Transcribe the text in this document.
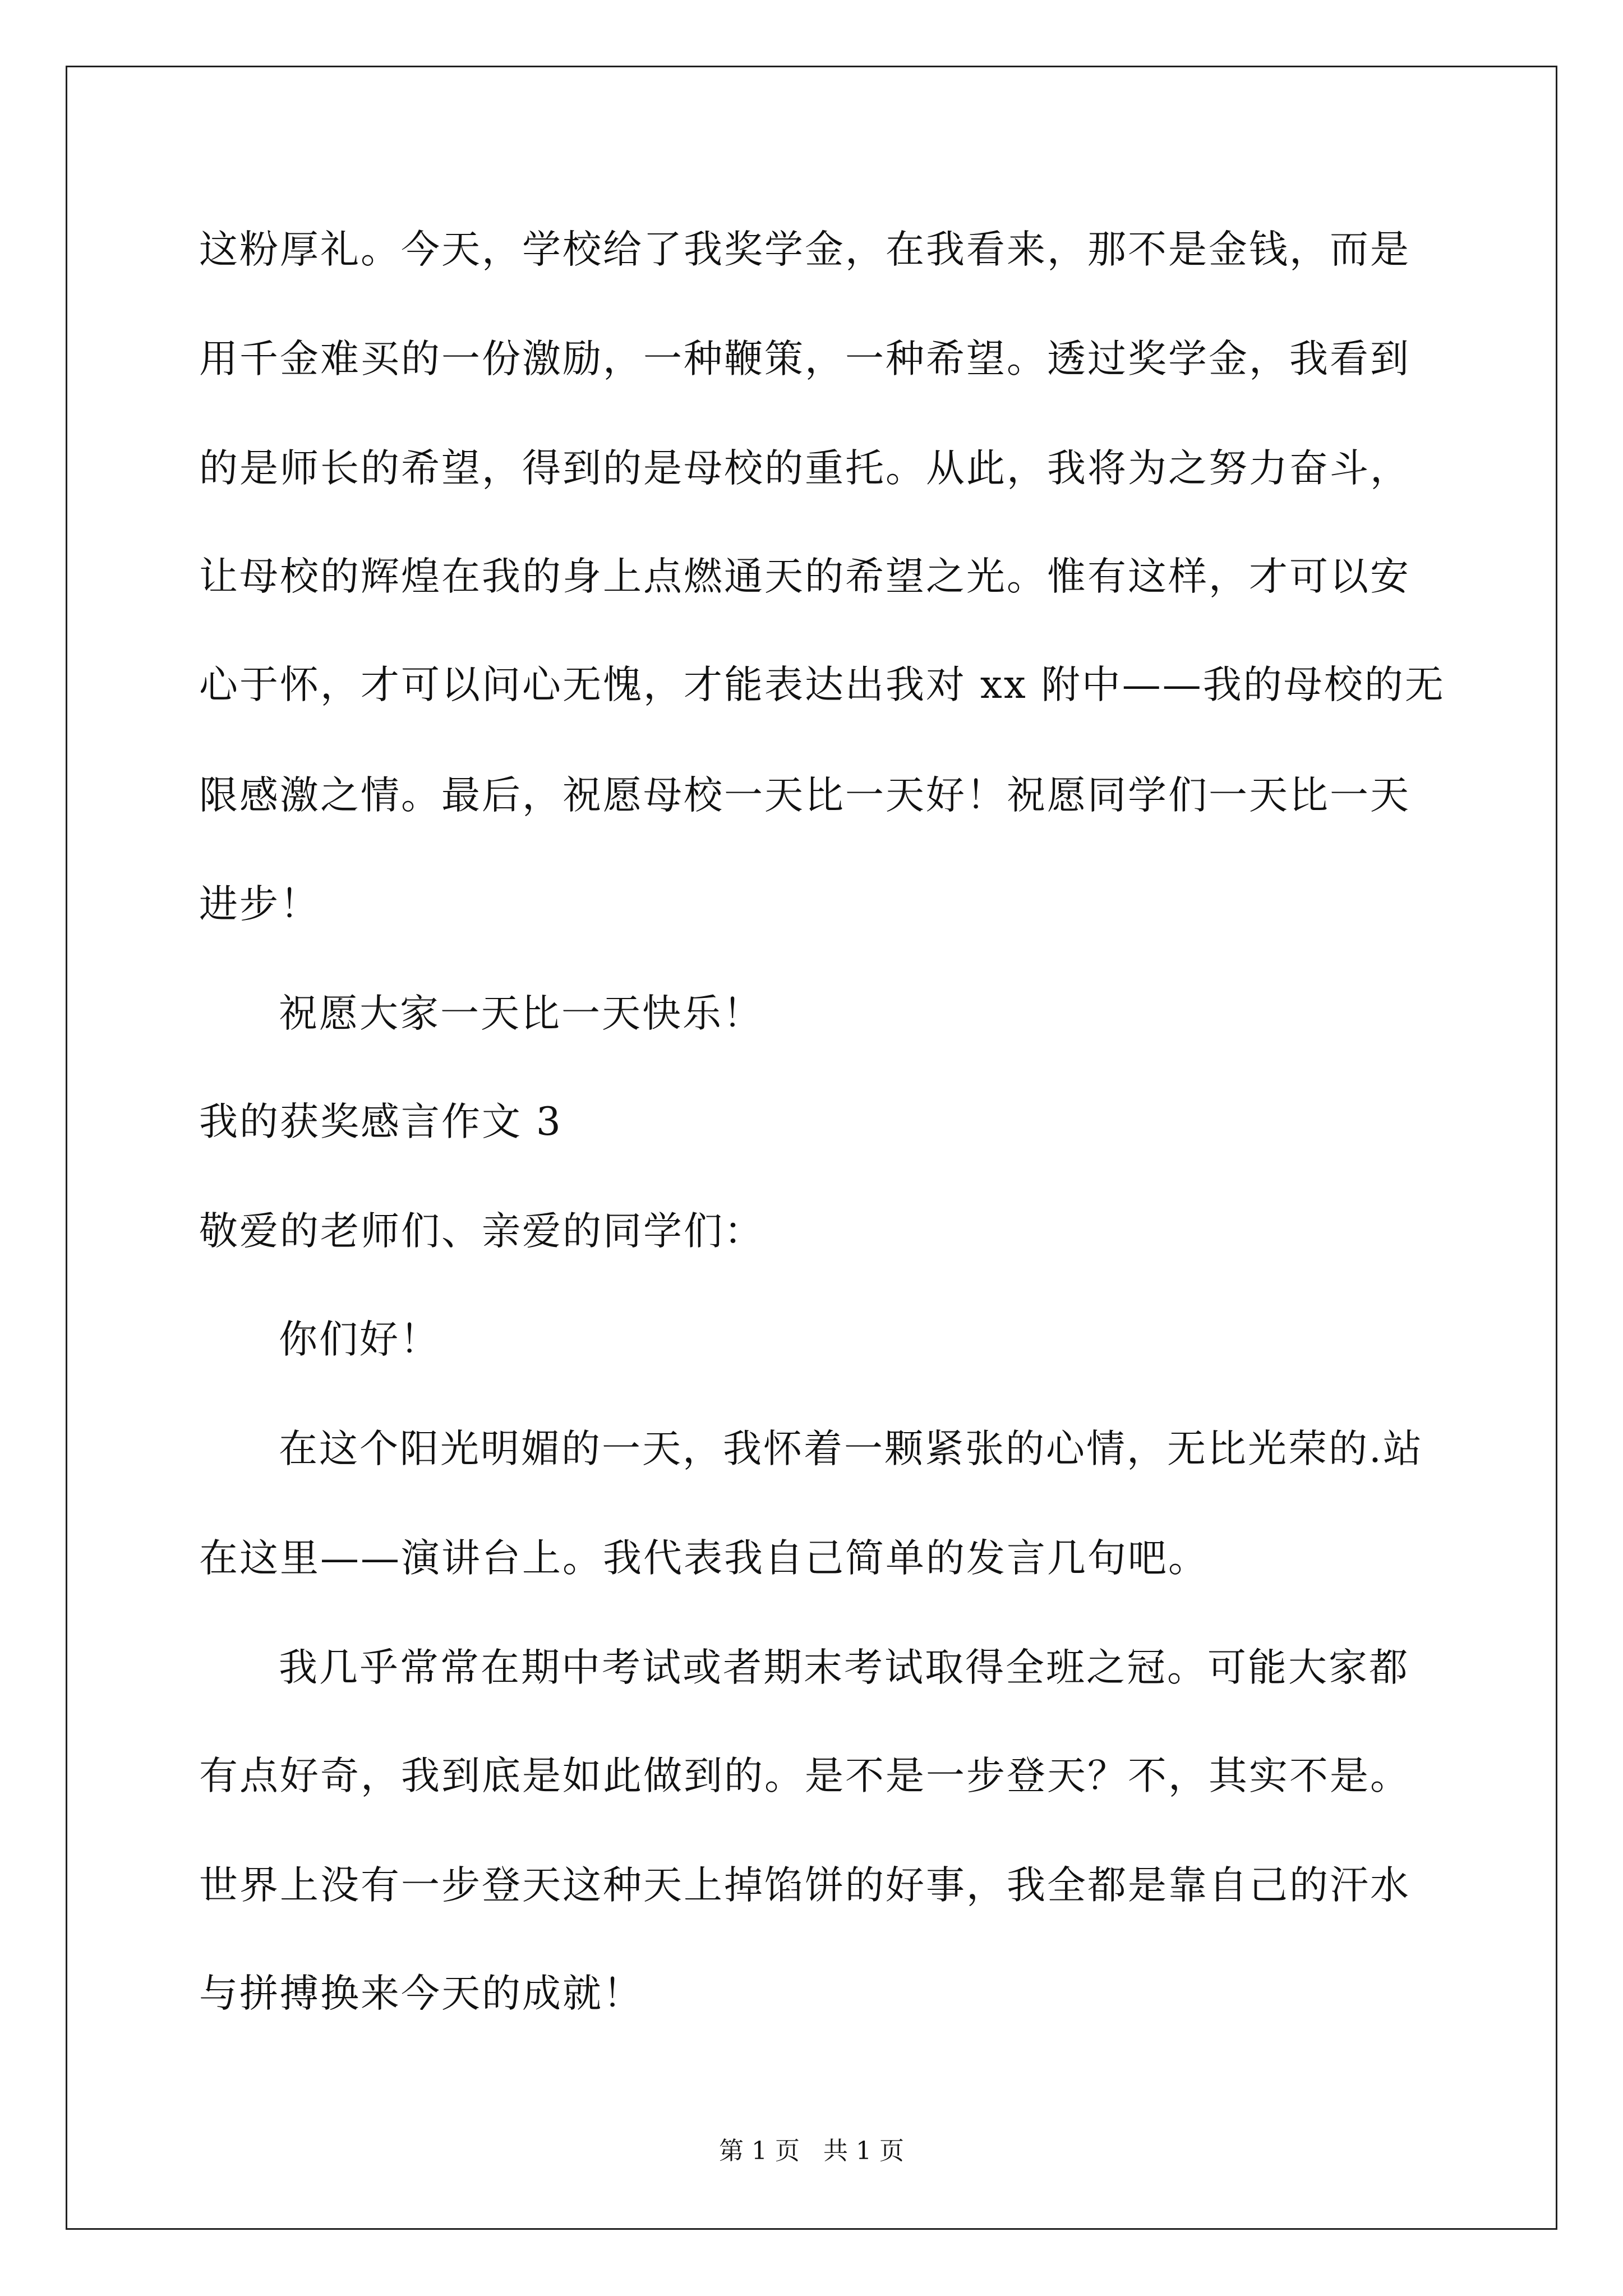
这粉厚礼。今天，学校给了我奖学金，在我看来，那不是金钱，而是

用千金难买的一份激励，一种鞭策，一种希望。透过奖学金，我看到

的是师长的希望，得到的是母校的重托。从此，我将为之努力奋斗，

让母校的辉煌在我的身上点燃通天的希望之光。惟有这样，才可以安

心于怀，才可以问心无愧，才能表达出我对 xx 附中——我的母校的无

限感激之情。最后，祝愿母校一天比一天好！祝愿同学们一天比一天

进步！

祝愿大家一天比一天快乐！

我的获奖感言作文 3

敬爱的老师们、亲爱的同学们：

你们好！

在这个阳光明媚的一天，我怀着一颗紧张的心情，无比光荣的.站

在这里——演讲台上。我代表我自己简单的发言几句吧。

我几乎常常在期中考试或者期末考试取得全班之冠。可能大家都

有点好奇，我到底是如此做到的。是不是一步登天？不，其实不是。

世界上没有一步登天这种天上掉馅饼的好事，我全都是靠自己的汗水

与拼搏换来今天的成就！

第 1 页   共 1 页
